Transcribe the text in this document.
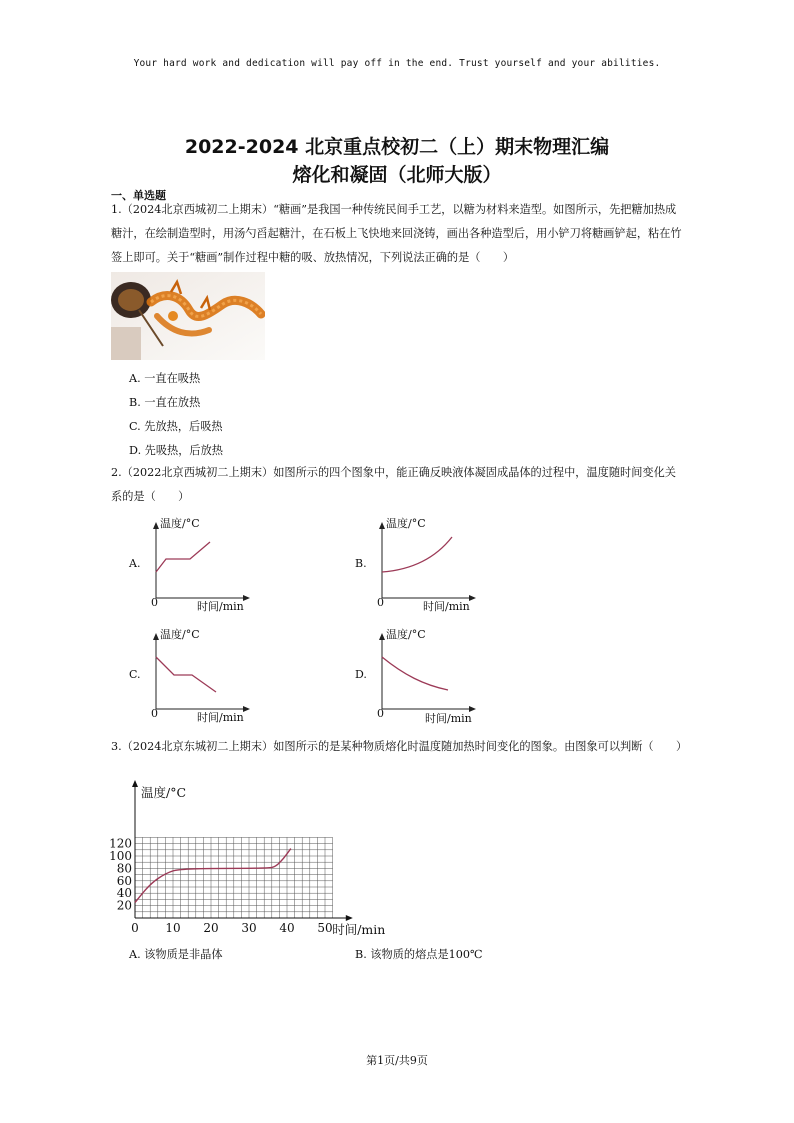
Your hard work and dedication will pay off in the end. Trust yourself and your abilities.
2022-2024 北京重点校初二（上）期末物理汇编
熔化和凝固（北师大版）
一、单选题
1.（2024北京西城初二上期末）“糖画”是我国一种传统民间手工艺，以糖为材料来造型。如图所示，先把糖加热成糖汁，在绘制造型时，用汤勺舀起糖汁，在石板上飞快地来回浇铸，画出各种造型后，用小铲刀将糖画铲起，粘在竹签上即可。关于“糖画”制作过程中糖的吸、放热情况，下列说法正确的是（　　）
A. 一直在吸热
B. 一直在放热
C. 先放热，后吸热
D. 先吸热，后放热
2.（2022北京西城初二上期末）如图所示的四个图象中，能正确反映液体凝固成晶体的过程中，温度随时间变化关系的是（　　）
A.
温度/°C
0	时间/min
B.
温度/°C
0	时间/min
C.
温度/°C
0	时间/min
D.
温度/°C
0	时间/min
3.（2024北京东城初二上期末）如图所示的是某种物质熔化时温度随加热时间变化的图象。由图象可以判断（　　）
20
40
60
80
100
120
0 10 20 30 40 50
温度/°C
时间/min
A. 该物质是非晶体	B. 该物质的熔点是100℃
第1页/共9页
